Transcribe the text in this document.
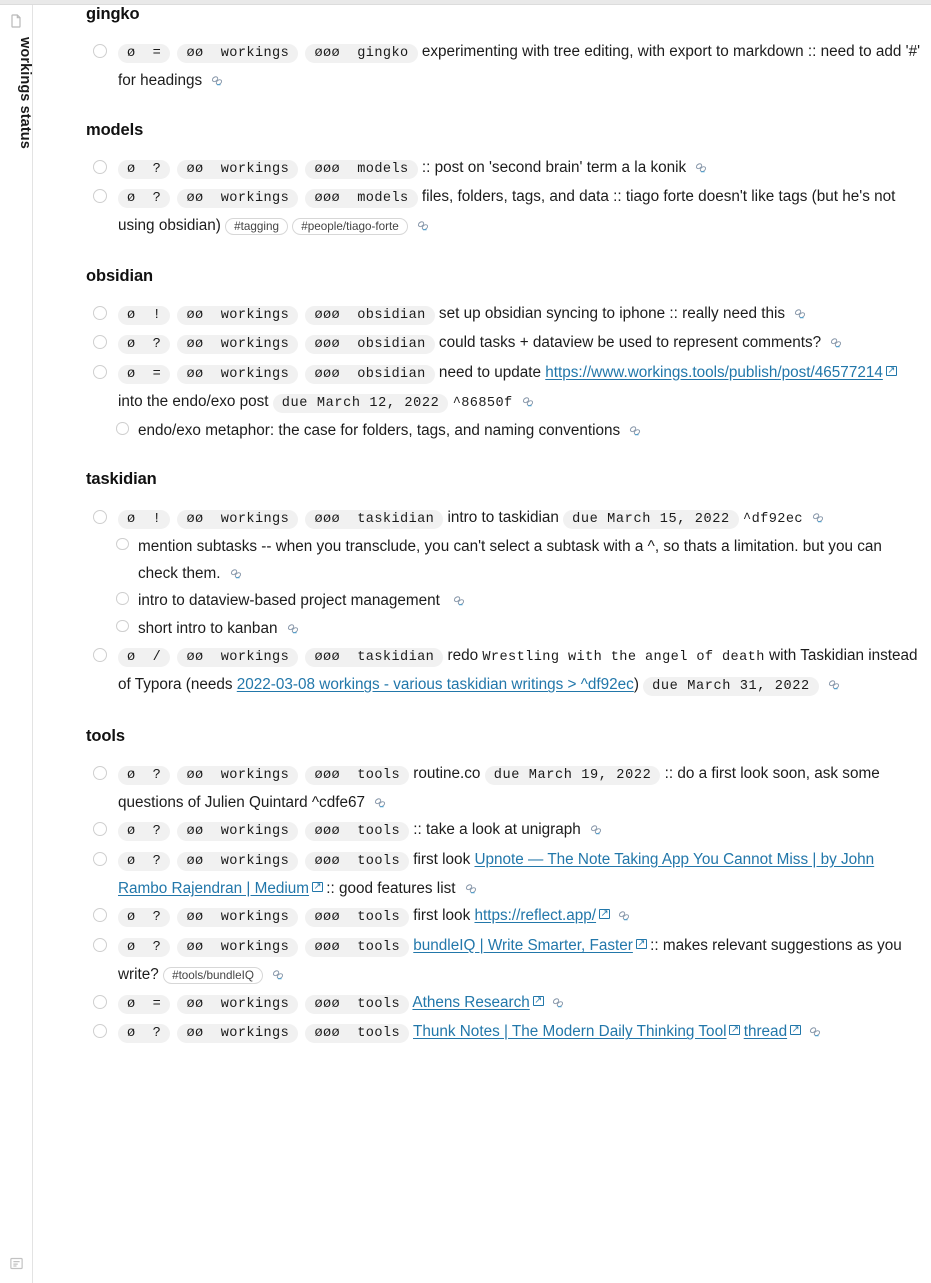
workings status
gingko
ø  = øø  workings øøø  gingko experimenting with tree editing, with export to markdown :: need to add '#' for headings
models
ø  ? øø  workings øøø  models :: post on 'second brain' term a la konik
ø  ? øø  workings øøø  models files, folders, tags, and data :: tiago forte doesn't like tags (but he's not using obsidian) #tagging #people/tiago-forte
obsidian
ø  ! øø  workings øøø  obsidian set up obsidian syncing to iphone :: really need this
ø  ? øø  workings øøø  obsidian could tasks + dataview be used to represent comments?
ø  = øø  workings øøø  obsidian need to update https://www.workings.tools/publish/post/46577214 ↗ into the endo/exo post due March 12, 2022 ^86850f
endo/exo metaphor: the case for folders, tags, and naming conventions
taskidian
ø  ! øø  workings øøø  taskidian intro to taskidian due March 15, 2022 ^df92ec
mention subtasks -- when you transclude, you can't select a subtask with a ^, so thats a limitation. but you can check them.
intro to dataview-based project management
short intro to kanban
ø  / øø  workings øøø  taskidian redo Wrestling with the angel of death with Taskidian instead of Typora (needs 2022-03-08 workings - various taskidian writings > ^df92ec) due March 31, 2022
tools
ø  ? øø  workings øøø  tools routine.co due March 19, 2022 :: do a first look soon, ask some questions of Julien Quintard ^cdfe67
ø  ? øø  workings øøø  tools :: take a look at unigraph
ø  ? øø  workings øøø  tools first look Upnote — The Note Taking App You Cannot Miss | by John Rambo Rajendran | Medium ↗ :: good features list
ø  ? øø  workings øøø  tools first look https://reflect.app/ ↗
ø  ? øø  workings øøø  tools bundleIQ | Write Smarter, Faster ↗ :: makes relevant suggestions as you write? #tools/bundleIQ
ø  = øø  workings øøø  tools Athens Research ↗
ø  ? øø  workings øøø  tools Thunk Notes | The Modern Daily Thinking Tool ↗ thread ↗
